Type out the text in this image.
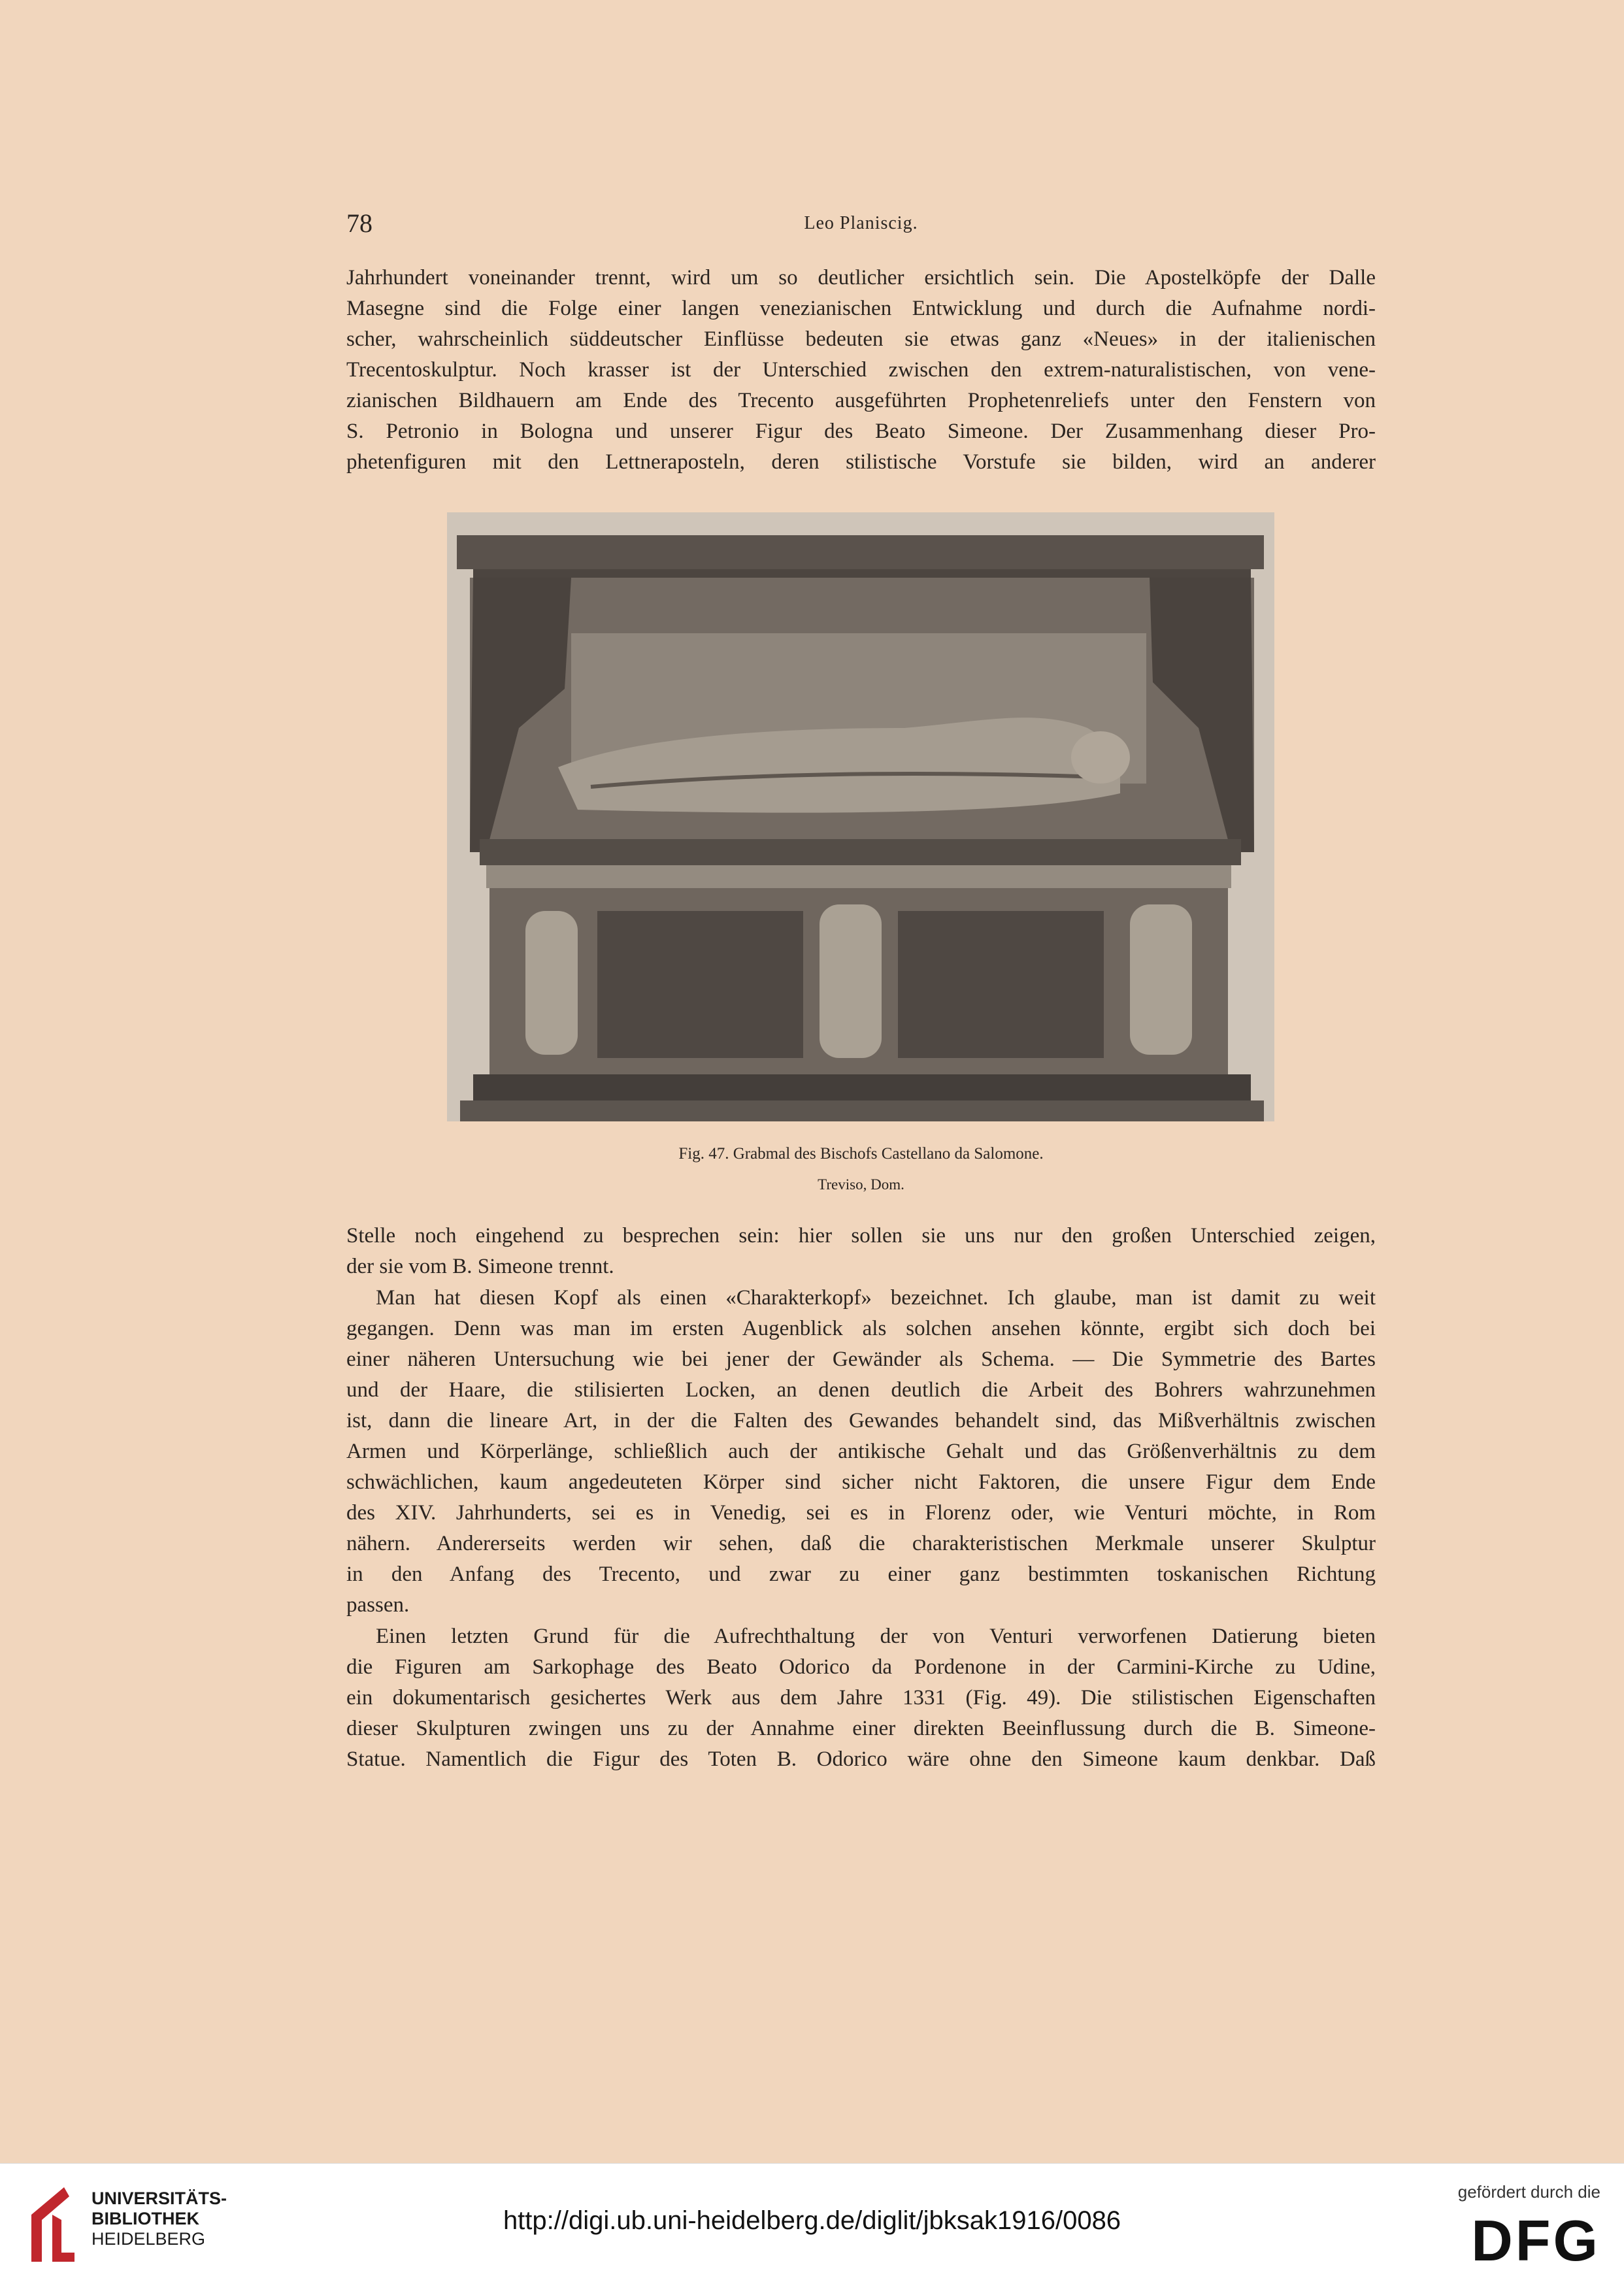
78	Leo Planiscig.
Jahrhundert voneinander trennt, wird um so deutlicher ersichtlich sein. Die Apostelköpfe der Dalle
Masegne sind die Folge einer langen venezianischen Entwicklung und durch die Aufnahme nordi-
scher, wahrscheinlich süddeutscher Einflüsse bedeuten sie etwas ganz «Neues» in der italienischen
Trecentoskulptur. Noch krasser ist der Unterschied zwischen den extrem-naturalistischen, von vene-
zianischen Bildhauern am Ende des Trecento ausgeführten Prophetenreliefs unter den Fenstern von
S. Petronio in Bologna und unserer Figur des Beato Simeone. Der Zusammenhang dieser Pro-
phetenfiguren mit den Lettneraposteln, deren stilistische Vorstufe sie bilden, wird an anderer
Fig. 47. Grabmal des Bischofs Castellano da Salomone.
Treviso, Dom.
Stelle noch eingehend zu besprechen sein: hier sollen sie uns nur den großen Unterschied zeigen,
der sie vom B. Simeone trennt.
Man hat diesen Kopf als einen «Charakterkopf» bezeichnet. Ich glaube, man ist damit zu weit
gegangen. Denn was man im ersten Augenblick als solchen ansehen könnte, ergibt sich doch bei
einer näheren Untersuchung wie bei jener der Gewänder als Schema. — Die Symmetrie des Bartes
und der Haare, die stilisierten Locken, an denen deutlich die Arbeit des Bohrers wahrzunehmen
ist, dann die lineare Art, in der die Falten des Gewandes behandelt sind, das Mißverhältnis zwischen
Armen und Körperlänge, schließlich auch der antikische Gehalt und das Größenverhältnis zu dem
schwächlichen, kaum angedeuteten Körper sind sicher nicht Faktoren, die unsere Figur dem Ende
des XIV. Jahrhunderts, sei es in Venedig, sei es in Florenz oder, wie Venturi möchte, in Rom
nähern. Andererseits werden wir sehen, daß die charakteristischen Merkmale unserer Skulptur
in den Anfang des Trecento, und zwar zu einer ganz bestimmten toskanischen Richtung
passen.
Einen letzten Grund für die Aufrechthaltung der von Venturi verworfenen Datierung bieten
die Figuren am Sarkophage des Beato Odorico da Pordenone in der Carmini-Kirche zu Udine,
ein dokumentarisch gesichertes Werk aus dem Jahre 1331 (Fig. 49). Die stilistischen Eigenschaften
dieser Skulpturen zwingen uns zu der Annahme einer direkten Beeinflussung durch die B. Simeone-
Statue. Namentlich die Figur des Toten B. Odorico wäre ohne den Simeone kaum denkbar. Daß
UNIVERSITÄTS-
BIBLIOTHEK
HEIDELBERG
http://digi.ub.uni-heidelberg.de/diglit/jbksak1916/0086
gefördert durch die
DFG
